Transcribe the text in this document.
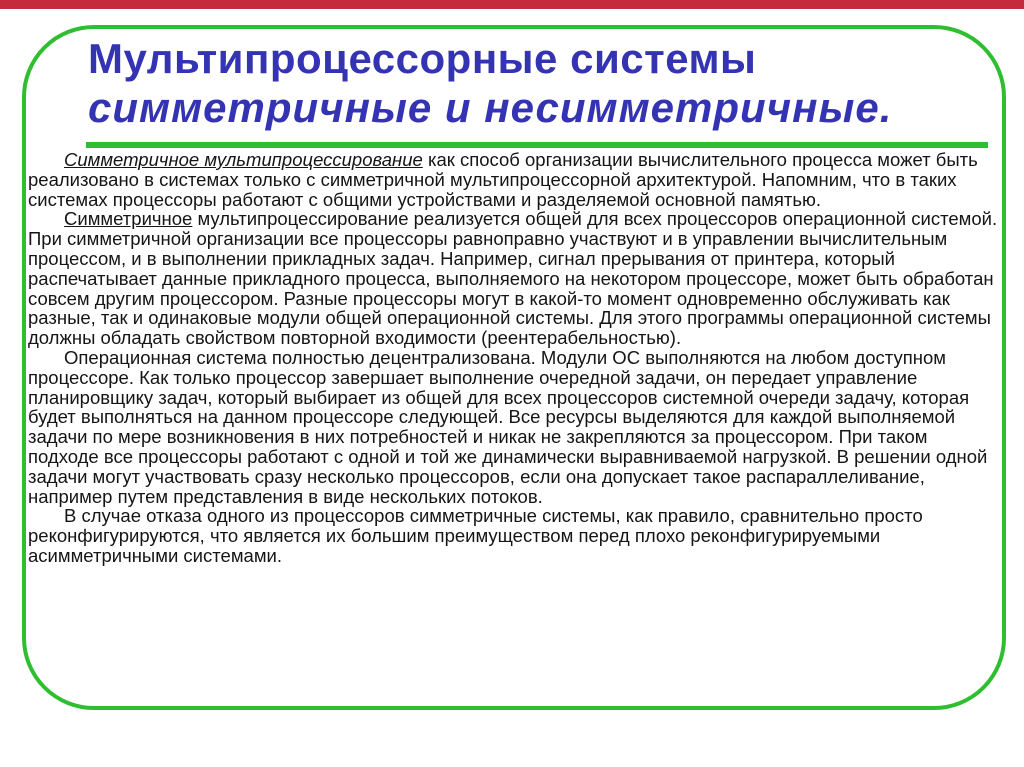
Мультипроцессорные системы
симметричные и несимметричные.

Симметричное мультипроцессирование как способ организации вычислительного процесса может быть реализовано в системах только с симметричной мультипроцессорной архитектурой. Напомним, что в таких системах процессоры работают с общими устройствами и разделяемой основной памятью.

Симметричное мультипроцессирование реализуется общей для всех процессоров операционной системой. При симметричной организации все процессоры равноправно участвуют и в управлении вычислительным процессом, и в выполнении прикладных задач. Например, сигнал прерывания от принтера, который распечатывает данные прикладного процесса, выполняемого на некотором процессоре, может быть обработан совсем другим процессором. Разные процессоры могут в какой-то момент одновременно обслуживать как разные, так и одинаковые модули общей операционной системы. Для этого программы операционной системы должны обладать свойством повторной входимости (реентерабельностью).

Операционная система полностью децентрализована. Модули ОС выполняются на любом доступном процессоре. Как только процессор завершает выполнение очередной задачи, он передает управление планировщику задач, который выбирает из общей для всех процессоров системной очереди задачу, которая будет выполняться на данном процессоре следующей. Все ресурсы выделяются для каждой выполняемой задачи по мере возникновения в них потребностей и никак не закрепляются за процессором. При таком подходе все процессоры работают с одной и той же динамически выравниваемой нагрузкой. В решении одной задачи могут участвовать сразу несколько процессоров, если она допускает такое распараллеливание, например путем представления в виде нескольких потоков.

В случае отказа одного из процессоров симметричные системы, как правило, сравнительно просто реконфигурируются, что является их большим преимуществом перед плохо реконфигурируемыми асимметричными системами.
